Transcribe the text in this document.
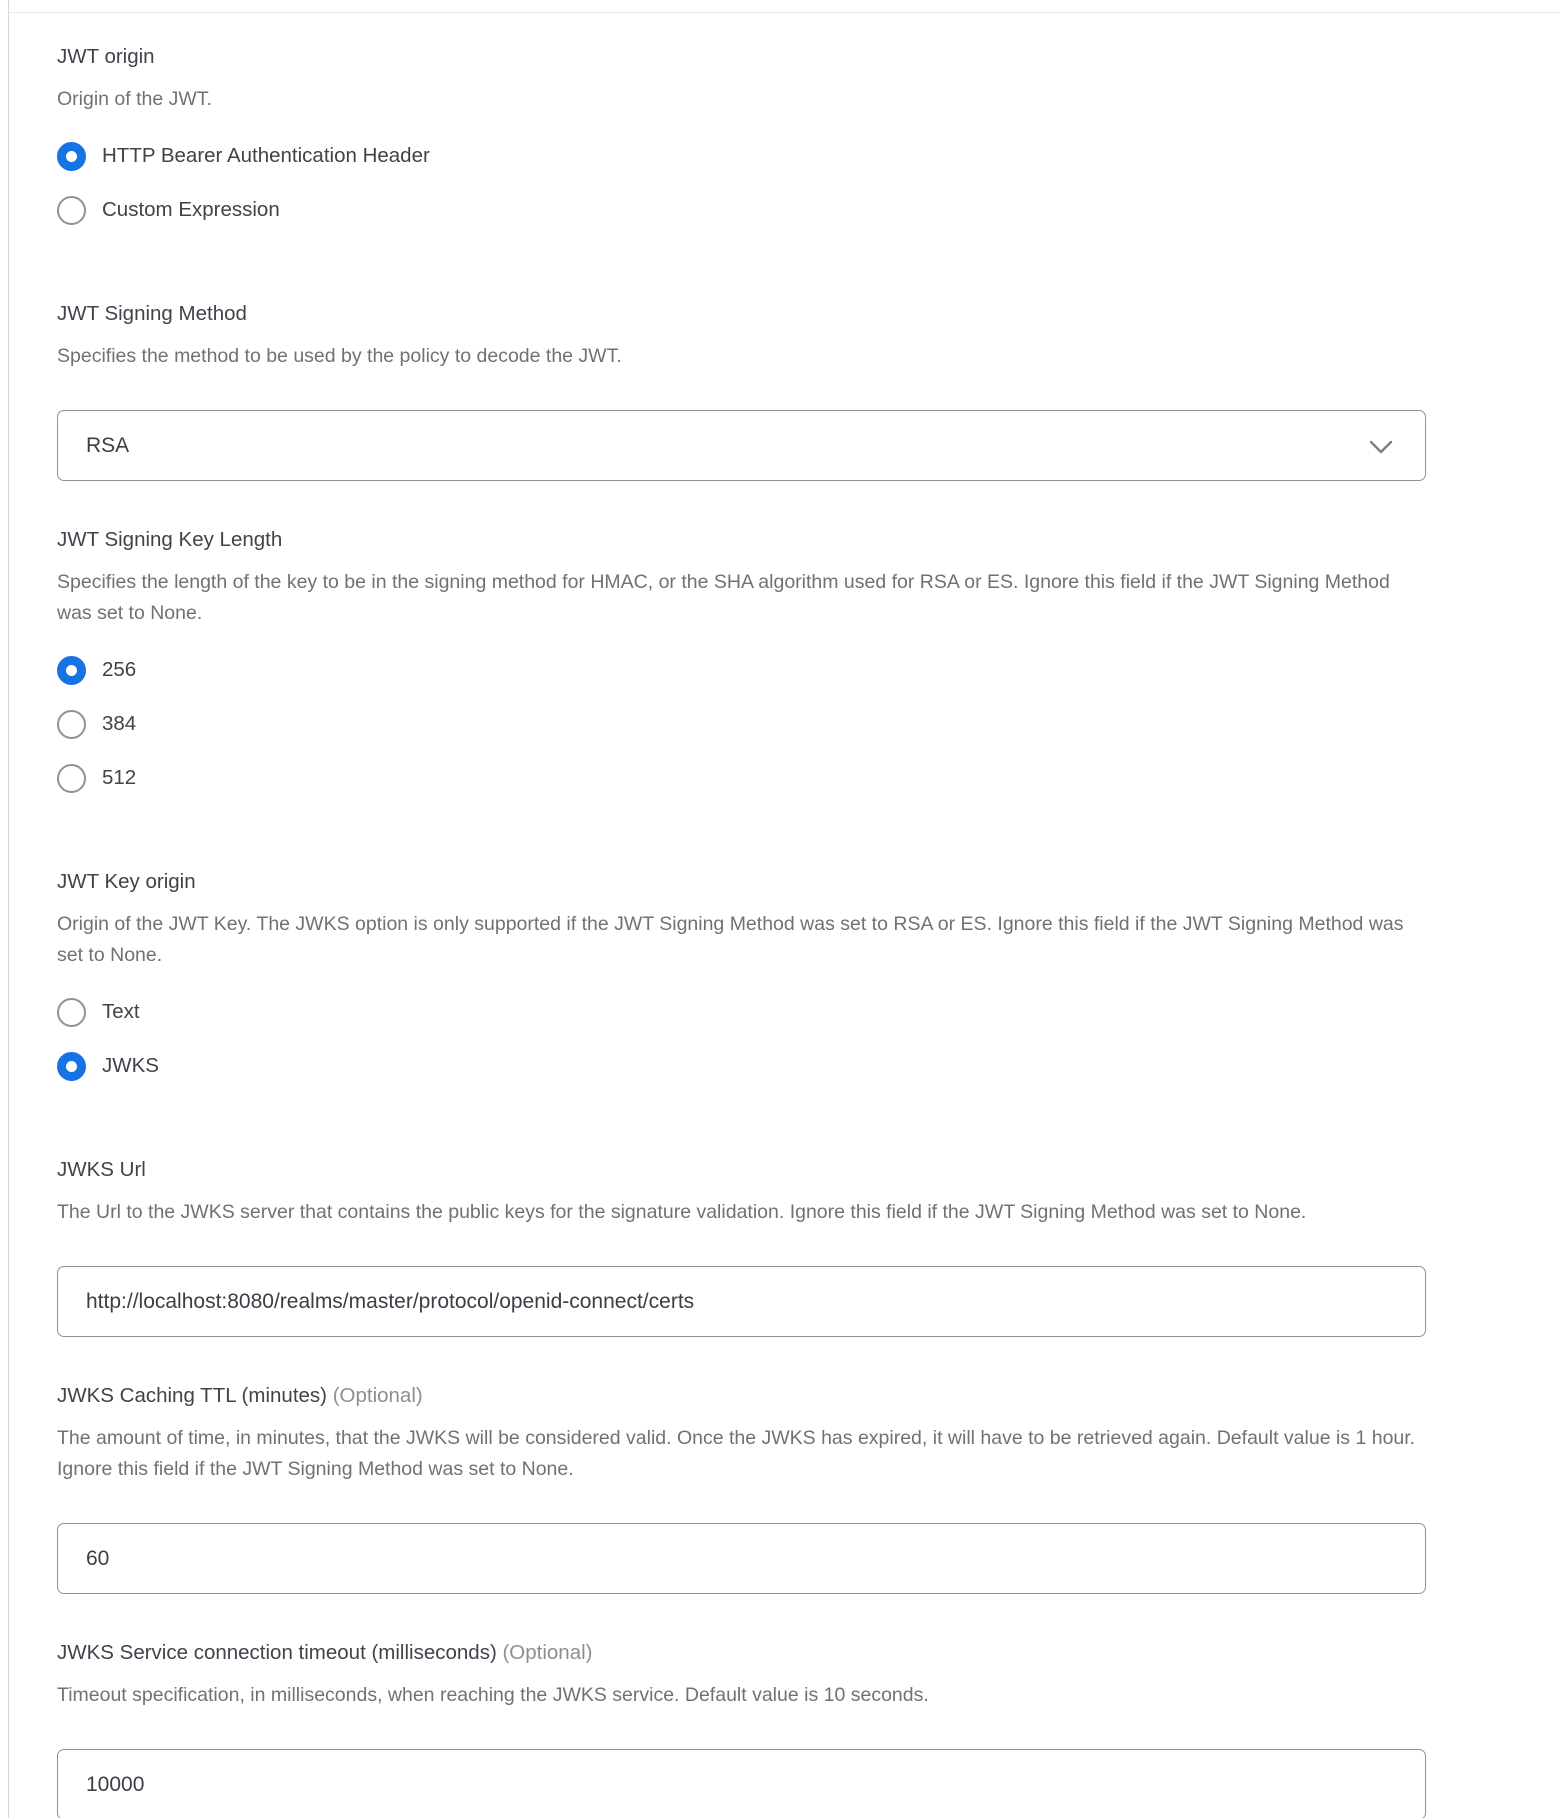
JWT origin
Origin of the JWT.
HTTP Bearer Authentication Header
Custom Expression
JWT Signing Method
Specifies the method to be used by the policy to decode the JWT.
RSA
JWT Signing Key Length
Specifies the length of the key to be in the signing method for HMAC, or the SHA algorithm used for RSA or ES. Ignore this field if the JWT Signing Method was set to None.
256
384
512
JWT Key origin
Origin of the JWT Key. The JWKS option is only supported if the JWT Signing Method was set to RSA or ES. Ignore this field if the JWT Signing Method was set to None.
Text
JWKS
JWKS Url
The Url to the JWKS server that contains the public keys for the signature validation. Ignore this field if the JWT Signing Method was set to None.
http://localhost:8080/realms/master/protocol/openid-connect/certs
JWKS Caching TTL (minutes) (Optional)
The amount of time, in minutes, that the JWKS will be considered valid. Once the JWKS has expired, it will have to be retrieved again. Default value is 1 hour. Ignore this field if the JWT Signing Method was set to None.
60
JWKS Service connection timeout (milliseconds) (Optional)
Timeout specification, in milliseconds, when reaching the JWKS service. Default value is 10 seconds.
10000
